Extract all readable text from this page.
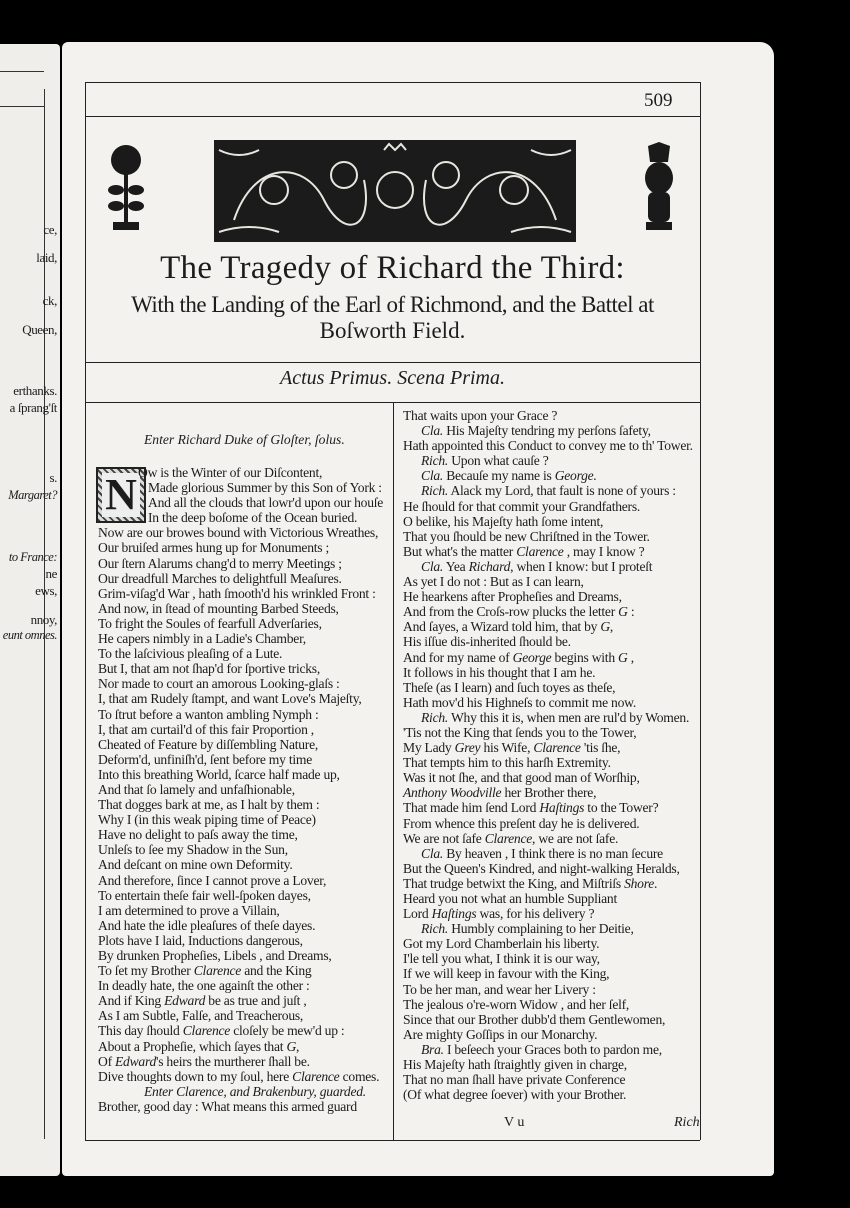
ce,
laid,
ck,
Queen,
erthanks.
a ſprang'ſt
s.
Margaret?
to France:
ne
ews,
nnoy,
eunt omnes.
509
The Tragedy of Richard the Third:
With the Landing of the Earl of Richmond, and the Battel at
Boſworth Field.
Actus Primus. Scena Prima.
Enter Richard Duke of Gloſter, ſolus.
N Ow is the Winter of our Diſcontent,
Made glorious Summer by this Son of York :
And all the clouds that lowr'd upon our houſe
In the deep boſome of the Ocean buried.
Now are our browes bound with Victorious Wreathes,
Our bruiſed armes hung up for Monuments ;
Our ſtern Alarums chang'd to merry Meetings ;
Our dreadfull Marches to delightfull Meaſures.
Grim-viſag'd War , hath ſmooth'd his wrinkled Front :
And now, in ſtead of mounting Barbed Steeds,
To fright the Soules of fearfull Adverſaries,
He capers nimbly in a Ladie's Chamber,
To the laſcivious pleaſing of a Lute.
But I, that am not ſhap'd for ſportive tricks,
Nor made to court an amorous Looking-glaſs :
I, that am Rudely ſtampt, and want Love's Majeſty,
To ſtrut before a wanton ambling Nymph :
I, that am curtail'd of this fair Proportion ,
Cheated of Feature by diſſembling Nature,
Deform'd, unfiniſh'd, ſent before my time
Into this breathing World, ſcarce half made up,
And that ſo lamely and unfaſhionable,
That dogges bark at me, as I halt by them :
Why I (in this weak piping time of Peace)
Have no delight to paſs away the time,
Unleſs to ſee my Shadow in the Sun,
And deſcant on mine own Deformity.
And therefore, ſince I cannot prove a Lover,
To entertain theſe fair well-ſpoken dayes,
I am determined to prove a Villain,
And hate the idle pleaſures of theſe dayes.
Plots have I laid, Inductions dangerous,
By drunken Propheſies, Libels , and Dreams,
To ſet my Brother Clarence and the King
In deadly hate, the one againſt the other :
And if King Edward be as true and juſt ,
As I am Subtle, Falſe, and Treacherous,
This day ſhould Clarence cloſely be mew'd up :
About a Propheſie, which ſayes that G,
Of Edward's heirs the murtherer ſhall be.
Dive thoughts down to my ſoul, here Clarence comes.
Enter Clarence, and Brakenbury, guarded.
Brother, good day : What means this armed guard
That waits upon your Grace ?
Cla. His Majeſty tendring my perſons ſafety,
Hath appointed this Conduct to convey me to th' Tower.
Rich. Upon what cauſe ?
Cla. Becauſe my name is George.
Rich. Alack my Lord, that fault is none of yours :
He ſhould for that commit your Grandfathers.
O belike, his Majeſty hath ſome intent,
That you ſhould be new Chriſtned in the Tower.
But what's the matter Clarence , may I know ?
Cla. Yea Richard, when I know: but I proteſt
As yet I do not : But as I can learn,
He hearkens after Propheſies and Dreams,
And from the Croſs-row plucks the letter G :
And ſayes, a Wizard told him, that by G,
His iſſue dis-inherited ſhould be.
And for my name of George begins with G ,
It follows in his thought that I am he.
Theſe (as I learn) and ſuch toyes as theſe,
Hath mov'd his Highneſs to commit me now.
Rich. Why this it is, when men are rul'd by Women.
'Tis not the King that ſends you to the Tower,
My Lady Grey his Wife, Clarence 'tis ſhe,
That tempts him to this harſh Extremity.
Was it not ſhe, and that good man of Worſhip,
Anthony Woodville her Brother there,
That made him ſend Lord Haſtings to the Tower?
From whence this preſent day he is delivered.
We are not ſafe Clarence, we are not ſafe.
Cla. By heaven , I think there is no man ſecure
But the Queen's Kindred, and night-walking Heralds,
That trudge betwixt the King, and Miſtriſs Shore.
Heard you not what an humble Suppliant
Lord Haſtings was, for his delivery ?
Rich. Humbly complaining to her Deitie,
Got my Lord Chamberlain his liberty.
I'le tell you what, I think it is our way,
If we will keep in favour with the King,
To be her man, and wear her Livery :
The jealous o're-worn Widow , and her ſelf,
Since that our Brother dubb'd them Gentlewomen,
Are mighty Goſſips in our Monarchy.
Bra. I beſeech your Graces both to pardon me,
His Majeſty hath ſtraightly given in charge,
That no man ſhall have private Conference
(Of what degree ſoever) with your Brother.
V u	Rich
